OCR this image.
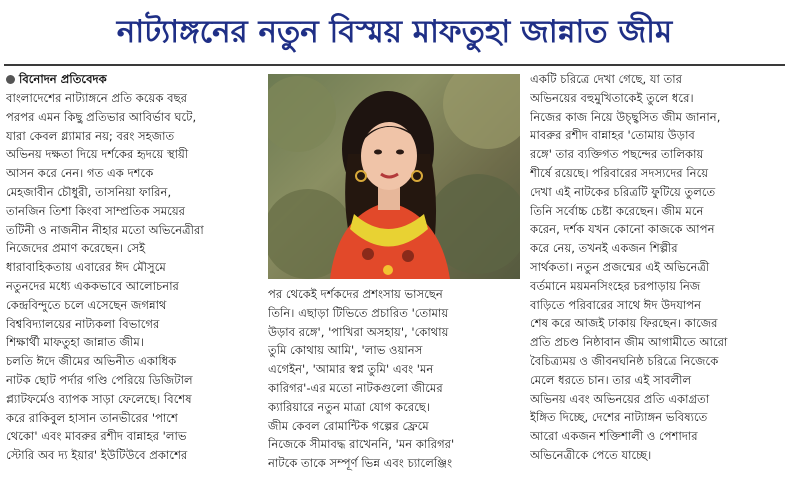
নাট্যাঙ্গনের নতুন বিস্ময় মাফতুহা জান্নাত জীম
বিনোদন প্রতিবেদক
বাংলাদেশের নাট্যাঙ্গনে প্রতি কয়েক বছর
পরপর এমন কিছু প্রতিভার আবির্ভাব ঘটে,
যারা কেবল গ্ল্যামার নয়; বরং সহজাত
অভিনয় দক্ষতা দিয়ে দর্শকের হৃদয়ে স্থায়ী
আসন করে নেন। গত এক দশকে
মেহজাবীন চৌধুরী, তাসনিয়া ফারিন,
তানজিন তিশা কিংবা সাম্প্রতিক সময়ের
তটিনী ও নাজনীন নীহার মতো অভিনেত্রীরা
নিজেদের প্রমাণ করেছেন। সেই
ধারাবাহিকতায় এবারের ঈদ মৌসুমে
নতুনদের মধ্যে এককভাবে আলোচনার
কেন্দ্রবিন্দুতে চলে এসেছেন জগন্নাথ
বিশ্ববিদ্যালয়ের নাট্যকলা বিভাগের
শিক্ষার্থী মাফতুহা জান্নাত জীম।
চলতি ঈদে জীমের অভিনীত একাধিক
নাটক ছোট পর্দার গণ্ডি পেরিয়ে ডিজিটাল
প্ল্যাটফর্মেও ব্যাপক সাড়া ফেলেছে। বিশেষ
করে রাকিবুল হাসান তানভীরের 'পাশে
থেকো' এবং মাবরুর রশীদ বান্নাহর 'লাভ
স্টোরি অব দ্য ইয়ার' ইউটিউবে প্রকাশের
পর থেকেই দর্শকদের প্রশংসায় ভাসছেন
তিনি। এছাড়া টিভিতে প্রচারিত 'তোমায়
উড়াব রঙ্গে', 'পাখিরা অসহায়', 'কোথায়
তুমি কোথায় আমি', 'লাভ ওয়ানস
এগেইন', 'আমার স্বপ্ন তুমি' এবং 'মন
কারিগর'-এর মতো নাটকগুলো জীমের
ক্যারিয়ারে নতুন মাত্রা যোগ করেছে।
জীম কেবল রোমান্টিক গল্পের ফ্রেমে
নিজেকে সীমাবদ্ধ রাখেননি, 'মন কারিগর'
নাটকে তাকে সম্পূর্ণ ভিন্ন এবং চ্যালেঞ্জিং
একটি চরিত্রে দেখা গেছে, যা তার
অভিনয়ের বহুমুখিতাকেই তুলে ধরে।
নিজের কাজ নিয়ে উচ্ছ্বসিত জীম জানান,
মাবরুর রশীদ বান্নাহর 'তোমায় উড়াব
রঙ্গে' তার ব্যক্তিগত পছন্দের তালিকায়
শীর্ষে রয়েছে। পরিবারের সদস্যদের নিয়ে
দেখা এই নাটকের চরিত্রটি ফুটিয়ে তুলতে
তিনি সর্বোচ্চ চেষ্টা করেছেন। জীম মনে
করেন, দর্শক যখন কোনো কাজকে আপন
করে নেয়, তখনই একজন শিল্পীর
সার্থকতা। নতুন প্রজন্মের এই অভিনেত্রী
বর্তমানে ময়মনসিংহের চরপাড়ায় নিজ
বাড়িতে পরিবারের সাথে ঈদ উদযাপন
শেষ করে আজই ঢাকায় ফিরছেন। কাজের
প্রতি প্রচণ্ড নিষ্ঠাবান জীম আগামীতে আরো
বৈচিত্র্যময় ও জীবনঘনিষ্ঠ চরিত্রে নিজেকে
মেলে ধরতে চান। তার এই সাবলীল
অভিনয় এবং অভিনয়ের প্রতি একাগ্রতা
ইঙ্গিত দিচ্ছে, দেশের নাট্যাঙ্গন ভবিষ্যতে
আরো একজন শক্তিশালী ও পেশাদার
অভিনেত্রীকে পেতে যাচ্ছে।
